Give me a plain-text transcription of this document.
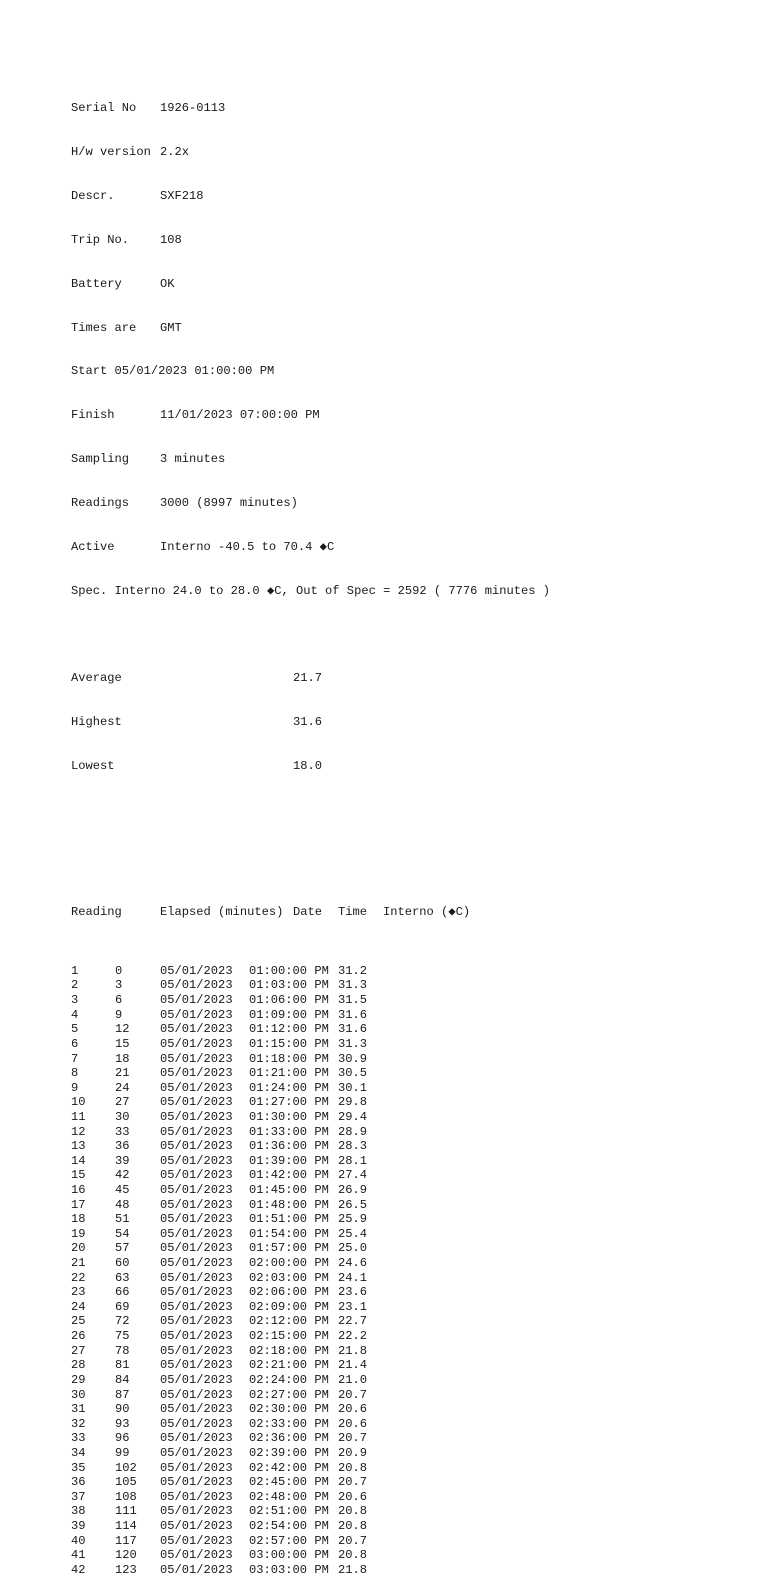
Serial No 1926-0113

H/w version 2.2x

Descr.	SXF218

Trip No.	108

Battery	OK

Times are GMT

Start 05/01/2023 01:00:00 PM

Finish	11/01/2023 07:00:00 PM

Sampling	3 minutes

Readings	3000 (8997 minutes)

Active	Interno -40.5 to 70.4 ◆C

Spec. Interno 24.0 to 28.0 ◆C, Out of Spec = 2592 ( 7776 minutes )

Average	21.7

Highest	31.6

Lowest	18.0

Reading	Elapsed (minutes) Date Time Interno (◆C)

1	0	05/01/2023 01:00:00 PM 31.2
2	3	05/01/2023 01:03:00 PM 31.3
3	6	05/01/2023 01:06:00 PM 31.5
4	9	05/01/2023 01:09:00 PM 31.6
5	12	05/01/2023 01:12:00 PM 31.6
6	15	05/01/2023 01:15:00 PM 31.3
7	18	05/01/2023 01:18:00 PM 30.9
8	21	05/01/2023 01:21:00 PM 30.5
9	24	05/01/2023 01:24:00 PM 30.1
10 27	05/01/2023 01:27:00 PM 29.8
11 30	05/01/2023 01:30:00 PM 29.4
12 33	05/01/2023 01:33:00 PM 28.9
13 36	05/01/2023 01:36:00 PM 28.3
14 39	05/01/2023 01:39:00 PM 28.1
15 42	05/01/2023 01:42:00 PM 27.4
16 45	05/01/2023 01:45:00 PM 26.9
17 48	05/01/2023 01:48:00 PM 26.5
18 51	05/01/2023 01:51:00 PM 25.9
19 54	05/01/2023 01:54:00 PM 25.4
20 57	05/01/2023 01:57:00 PM 25.0
21 60	05/01/2023 02:00:00 PM 24.6
22 63	05/01/2023 02:03:00 PM 24.1
23 66	05/01/2023 02:06:00 PM 23.6
24 69	05/01/2023 02:09:00 PM 23.1
25 72	05/01/2023 02:12:00 PM 22.7
26 75	05/01/2023 02:15:00 PM 22.2
27 78	05/01/2023 02:18:00 PM 21.8
28 81	05/01/2023 02:21:00 PM 21.4
29 84	05/01/2023 02:24:00 PM 21.0
30 87	05/01/2023 02:27:00 PM 20.7
31 90	05/01/2023 02:30:00 PM 20.6
32 93	05/01/2023 02:33:00 PM 20.6
33 96	05/01/2023 02:36:00 PM 20.7
34 99	05/01/2023 02:39:00 PM 20.9
35 102 05/01/2023 02:42:00 PM 20.8
36 105 05/01/2023 02:45:00 PM 20.7
37 108 05/01/2023 02:48:00 PM 20.6
38 111 05/01/2023 02:51:00 PM 20.8
39 114 05/01/2023 02:54:00 PM 20.8
40 117 05/01/2023 02:57:00 PM 20.7
41 120 05/01/2023 03:00:00 PM 20.8
42 123 05/01/2023 03:03:00 PM 21.8
